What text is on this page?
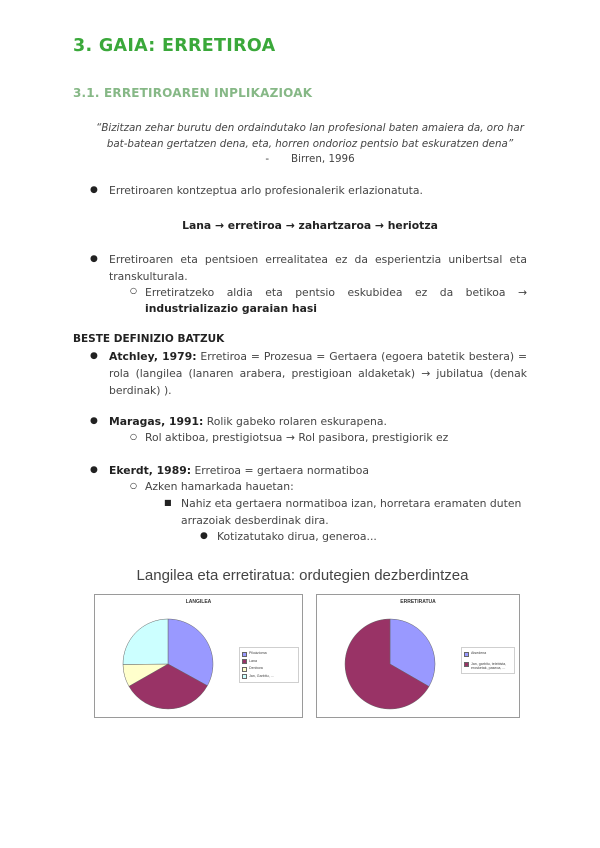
3. GAIA: ERRETIROA
3.1. ERRETIROAREN INPLIKAZIOAK
“Bizitzan zehar burutu den ordaindutako lan profesional baten amaiera da, oro har
bat-batean gertatzen dena, eta, horren ondorioz pentsio bat eskuratzen dena”
- Birren, 1996
● Erretiroaren kontzeptua arlo profesionalerik erlazionatuta.
Lana → erretiroa → zahartzaroa → heriotza
● Erretiroaren eta pentsioen errealitatea ez da esperientzia unibertsal eta
transkulturala.
○ Erretiratzeko aldia eta pentsio eskubidea ez da betikoa →
industrializazio garaian hasi
BESTE DEFINIZIO BATZUK
● Atchley, 1979: Erretiroa = Prozesua = Gertaera (egoera batetik bestera) =
rola (langilea (lanaren arabera, prestigioan aldaketak) → jubilatua (denak
berdinak) ).
● Maragas, 1991: Rolik gabeko rolaren eskurapena.
○ Rol aktiboa, prestigiotsua → Rol pasibora, prestigiorik ez
● Ekerdt, 1989: Erretiroa = gertaera normatiboa
○ Azken hamarkada hauetan:
■ Nahiz eta gertaera normatiboa izan, horretara eramaten duten
arrazoiak desberdinak dira.
● Kotizatutako dirua, generoa...
Langilea eta erretiratua: ordutegien dezberdintzea
LANGILEA
Piloázioma
Lana
Denbora
Jan, Garbitu, ...
ERRETIRATUA
Atsedena
Jan, garbitu, telebista, erosketak, paseoa, ...
